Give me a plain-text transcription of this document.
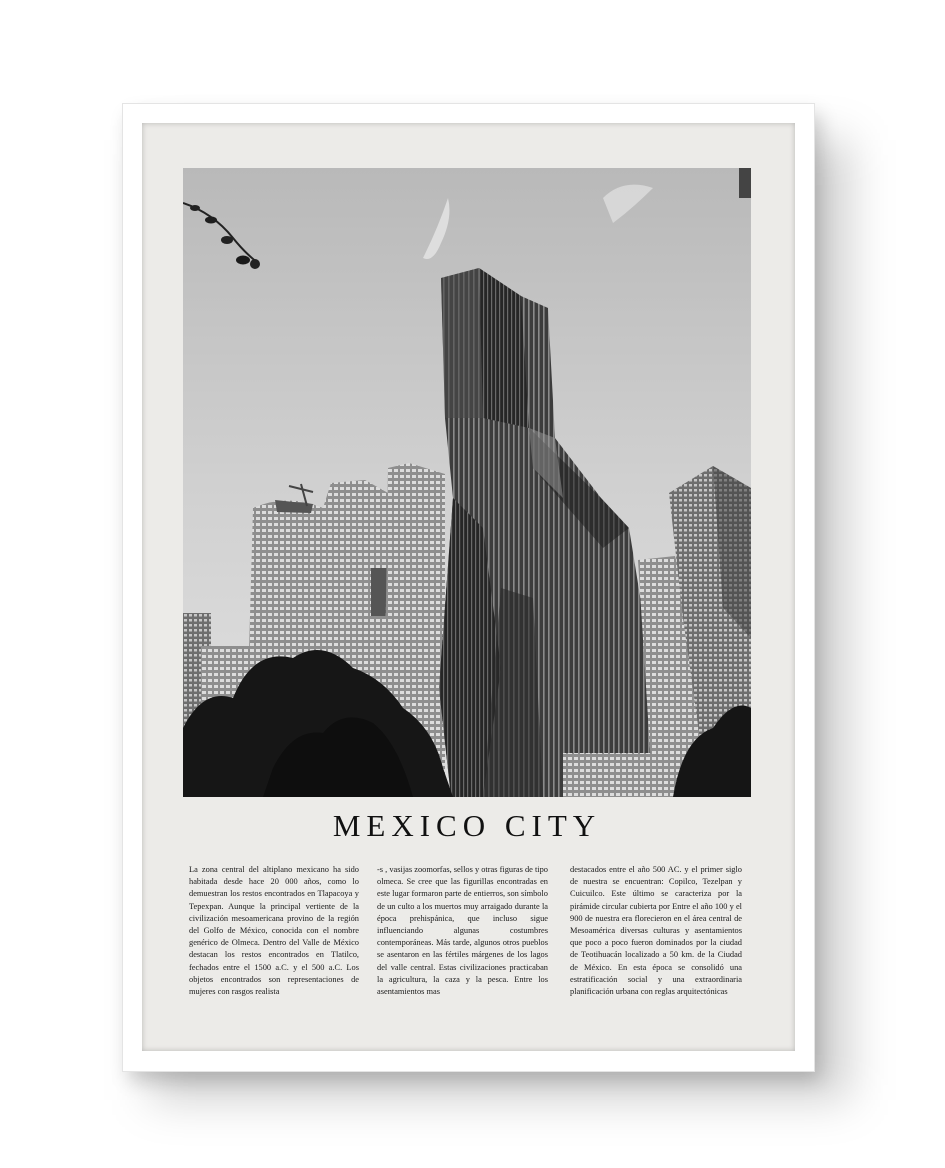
MEXICO CITY

La zona central del altiplano mexicano ha sido habitada desde hace 20 000 años, como lo demuestran los restos encontrados en Tlapacoya y Tepexpan. Aunque la principal vertiente de la civilización mesoamericana provino de la región del Golfo de México, conocida con el nombre genérico de Olmeca. Dentro del Valle de México destacan los restos encontrados en Tlatilco, fechados entre el 1500 a.C. y el 500 a.C. Los objetos encontrados son representaciones de mujeres con rasgos realista

-s , vasijas zoomorfas, sellos y otras figuras de tipo olmeca. Se cree que las figurillas encontradas en este lugar formaron parte de entierros, son símbolo de un culto a los muertos muy arraigado durante la época prehispánica, que incluso sigue influenciando algunas costumbres contemporáneas. Más tarde, algunos otros pueblos se asentaron en las fértiles márgenes de los lagos del valle central. Estas civilizaciones practicaban la agricultura, la caza y la pesca. Entre los asentamientos mas

destacados entre el año 500 AC. y el primer siglo de nuestra se encuentran: Copilco, Tezelpan y Cuicuilco. Este último se caracteriza por la pirámide circular cubierta por Entre el año 100 y el 900 de nuestra era florecieron en el área central de Mesoamérica diversas culturas y asentamientos que poco a poco fueron dominados por la ciudad de Teotihuacán localizado a 50 km. de la Ciudad de México. En esta época se consolidó una estratificación social y una extraordinaria planificación urbana con reglas arquitectónicas
